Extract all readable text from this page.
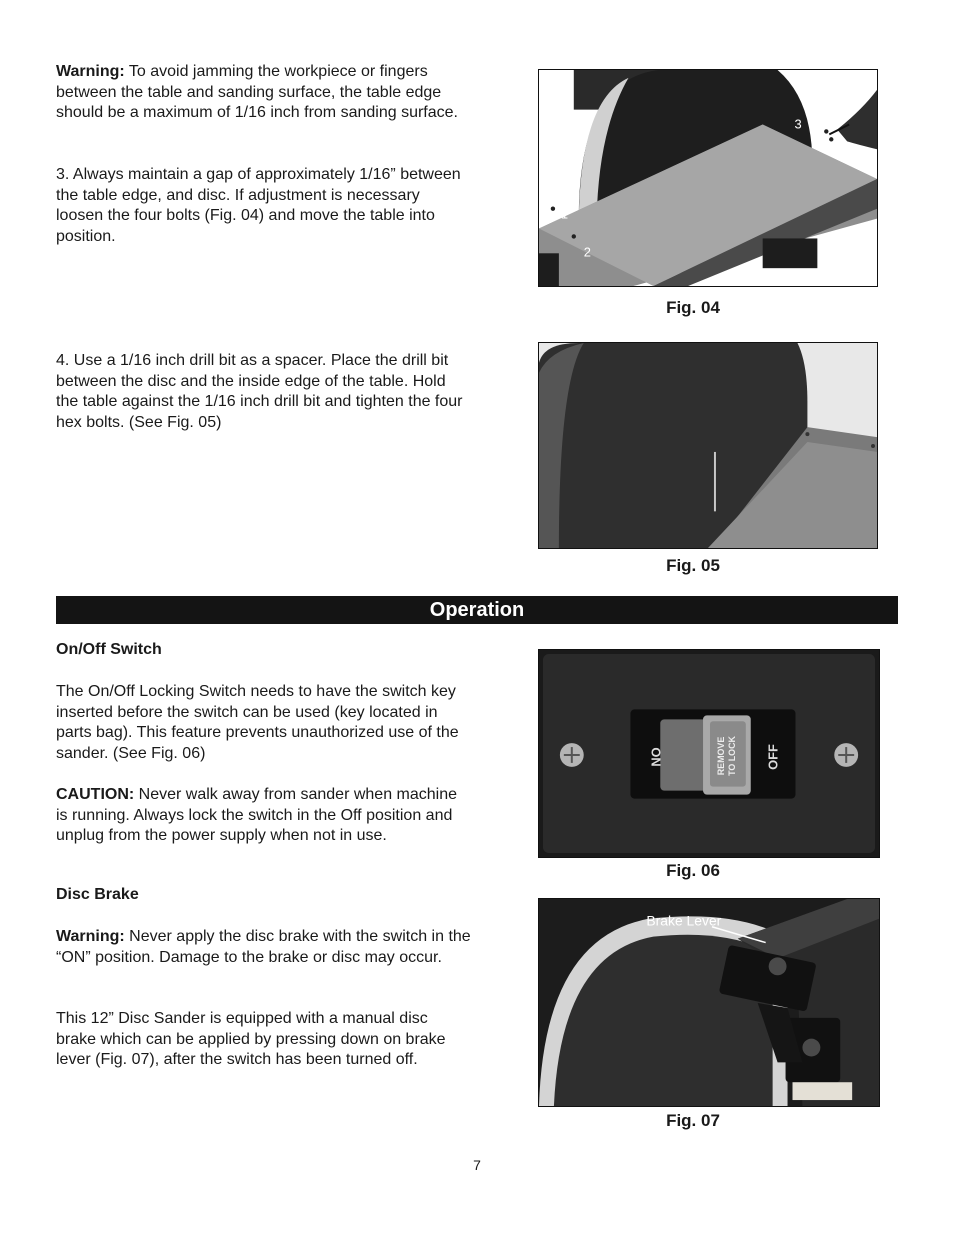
Warning: To avoid jamming the workpiece or fingers between the table and sanding surface, the table edge should be a maximum of 1/16 inch from sanding surface.

3. Always maintain a gap of approximately 1/16” between the table edge, and disc. If adjustment is necessary loosen the four bolts (Fig. 04) and move the table into position.

1
2
3
4
Fig. 04

4. Use a 1/16 inch drill bit as a spacer. Place the drill bit between the disc and the inside edge of the table. Hold the table against the 1/16 inch drill bit and tighten the four hex bolts. (See Fig. 05)

Fig. 05
Operation

On/Off Switch

The On/Off Locking Switch needs to have the switch key inserted before the switch can be used (key located in parts bag). This feature prevents unauthorized use of the sander. (See Fig. 06)

CAUTION: Never walk away from sander when machine is running. Always lock the switch in the Off position and unplug from the power supply when not in use.

ON	OFF
REMOVE TO LOCK
Fig. 06

Disc Brake

Warning: Never apply the disc brake with the switch in the “ON” position. Damage to the brake or disc may occur.

This 12” Disc Sander is equipped with a manual disc brake which can be applied by pressing down on brake lever (Fig. 07), after the switch has been turned off.

Brake Lever
Fig. 07
7
